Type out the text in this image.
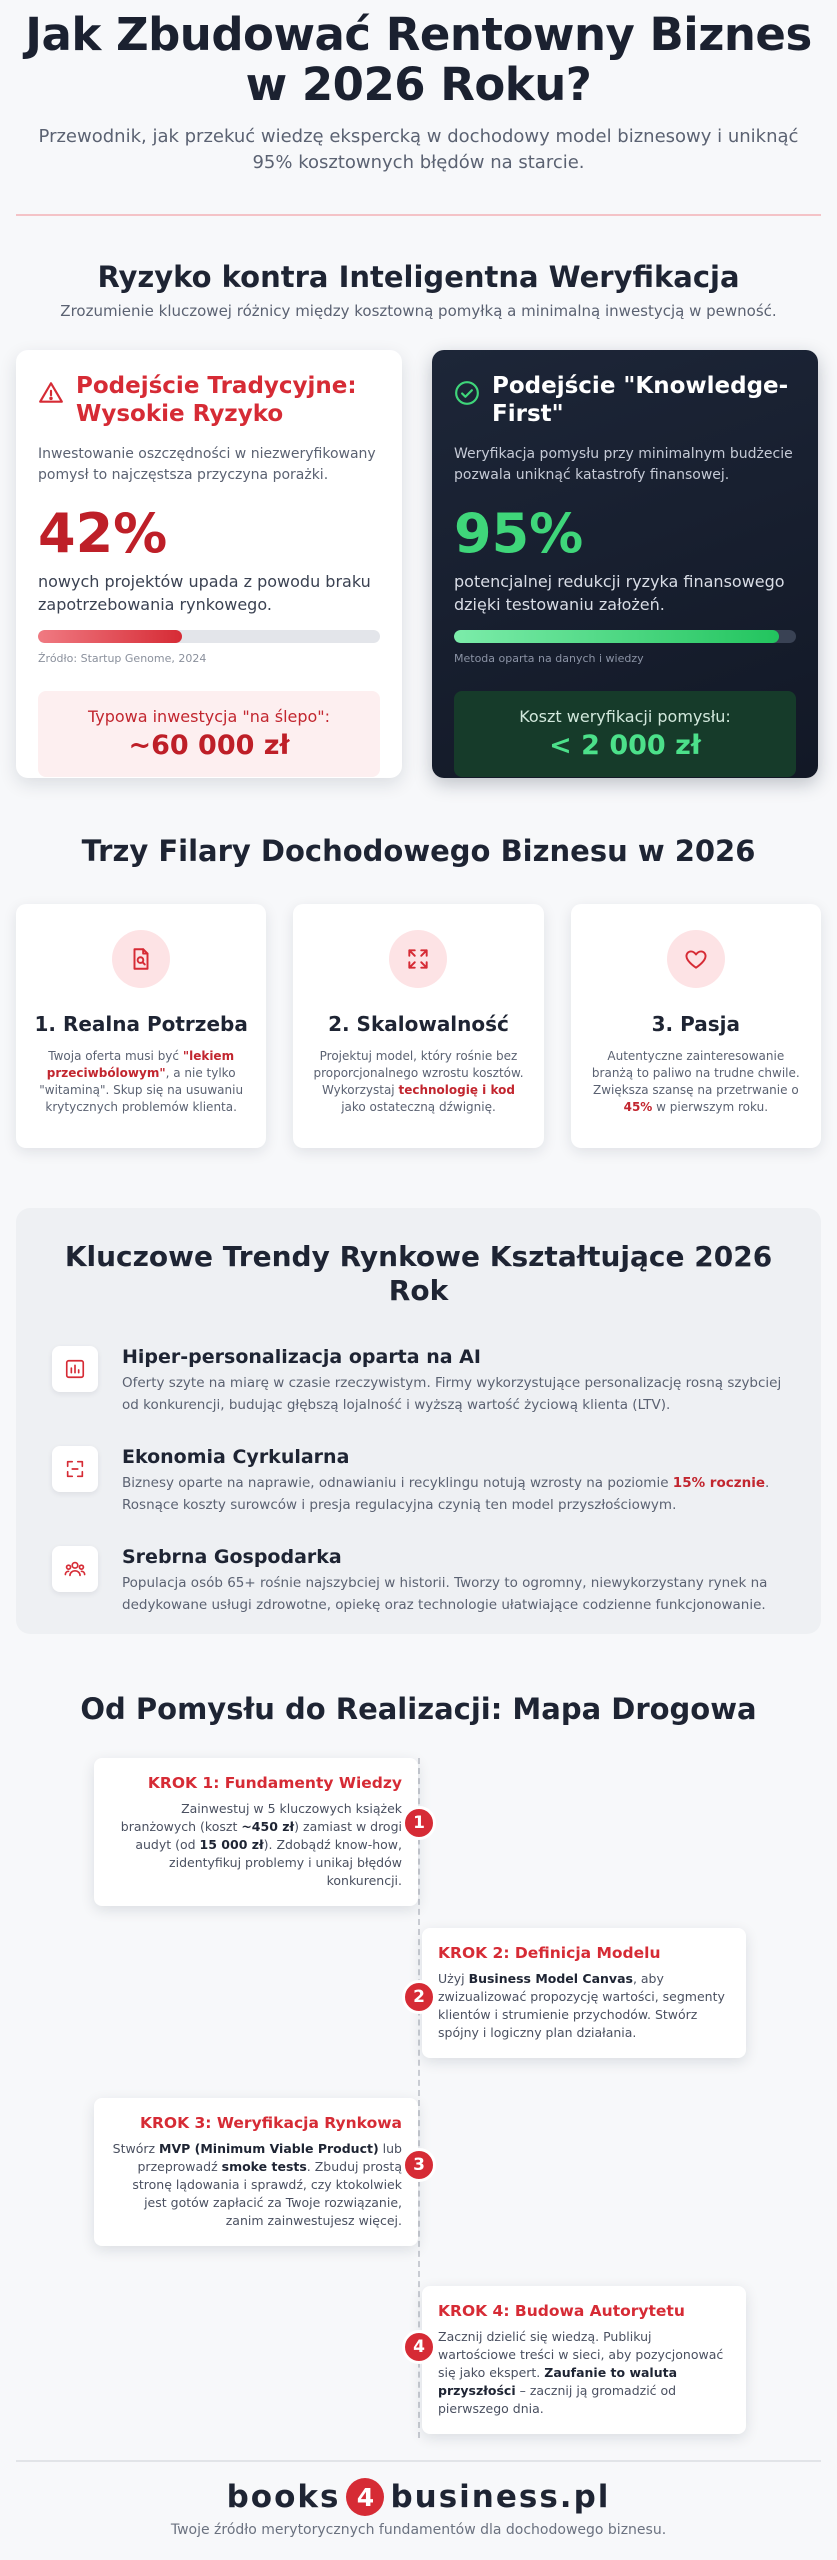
Jak Zbudować Rentowny Biznes w 2026 Roku?

Przewodnik, jak przekuć wiedzę ekspercką w dochodowy model biznesowy i uniknąć 95% kosztownych błędów na starcie.

Ryzyko kontra Inteligentna Weryfikacja

Zrozumienie kluczowej różnicy między kosztowną pomyłką a minimalną inwestycją w pewność.

Podejście Tradycyjne: Wysokie Ryzyko

Inwestowanie oszczędności w niezweryfikowany pomysł to najczęstsza przyczyna porażki.

42%

nowych projektów upada z powodu braku zapotrzebowania rynkowego.

Źródło: Startup Genome, 2024

Typowa inwestycja "na ślepo":
~60 000 zł
Podejście "Knowledge-First"

Weryfikacja pomysłu przy minimalnym budżecie pozwala uniknąć katastrofy finansowej.

95%

potencjalnej redukcji ryzyka finansowego dzięki testowaniu założeń.

Metoda oparta na danych i wiedzy

Koszt weryfikacji pomysłu:
< 2 000 zł
Trzy Filary Dochodowego Biznesu w 2026
1. Realna Potrzeba

Twoja oferta musi być "lekiem przeciwbólowym", a nie tylko "witaminą". Skup się na usuwaniu krytycznych problemów klienta.

2. Skalowalność

Projektuj model, który rośnie bez proporcjonalnego wzrostu kosztów. Wykorzystaj technologię i kod jako ostateczną dźwignię.

3. Pasja

Autentyczne zainteresowanie branżą to paliwo na trudne chwile. Zwiększa szansę na przetrwanie o 45% w pierwszym roku.

Kluczowe Trendy Rynkowe Kształtujące 2026 Rok
Hiper-personalizacja oparta na AI

Oferty szyte na miarę w czasie rzeczywistym. Firmy wykorzystujące personalizację rosną szybciej od konkurencji, budując głębszą lojalność i wyższą wartość życiową klienta (LTV).

Ekonomia Cyrkularna

Biznesy oparte na naprawie, odnawianiu i recyklingu notują wzrosty na poziomie 15% rocznie. Rosnące koszty surowców i presja regulacyjna czynią ten model przyszłościowym.

Srebrna Gospodarka

Populacja osób 65+ rośnie najszybciej w historii. Tworzy to ogromny, niewykorzystany rynek na dedykowane usługi zdrowotne, opiekę oraz technologie ułatwiające codzienne funkcjonowanie.

Od Pomysłu do Realizacji: Mapa Drogowa
KROK 1: Fundamenty Wiedzy
Zainwestuj w 5 kluczowych książek branżowych (koszt ~450 zł) zamiast w drogi audyt (od 15 000 zł). Zdobądź know-how, zidentyfikuj problemy i unikaj błędów konkurencji.
1
KROK 2: Definicja Modelu
Użyj Business Model Canvas, aby zwizualizować propozycję wartości, segmenty klientów i strumienie przychodów. Stwórz spójny i logiczny plan działania.
2
KROK 3: Weryfikacja Rynkowa
Stwórz MVP (Minimum Viable Product) lub przeprowadź smoke tests. Zbuduj prostą stronę lądowania i sprawdź, czy ktokolwiek jest gotów zapłacić za Twoje rozwiązanie, zanim zainwestujesz więcej.
3
KROK 4: Budowa Autorytetu
Zacznij dzielić się wiedzą. Publikuj wartościowe treści w sieci, aby pozycjonować się jako ekspert. Zaufanie to waluta przyszłości – zacznij ją gromadzić od pierwszego dnia.
4
books 4 business.pl

Twoje źródło merytorycznych fundamentów dla dochodowego biznesu.
